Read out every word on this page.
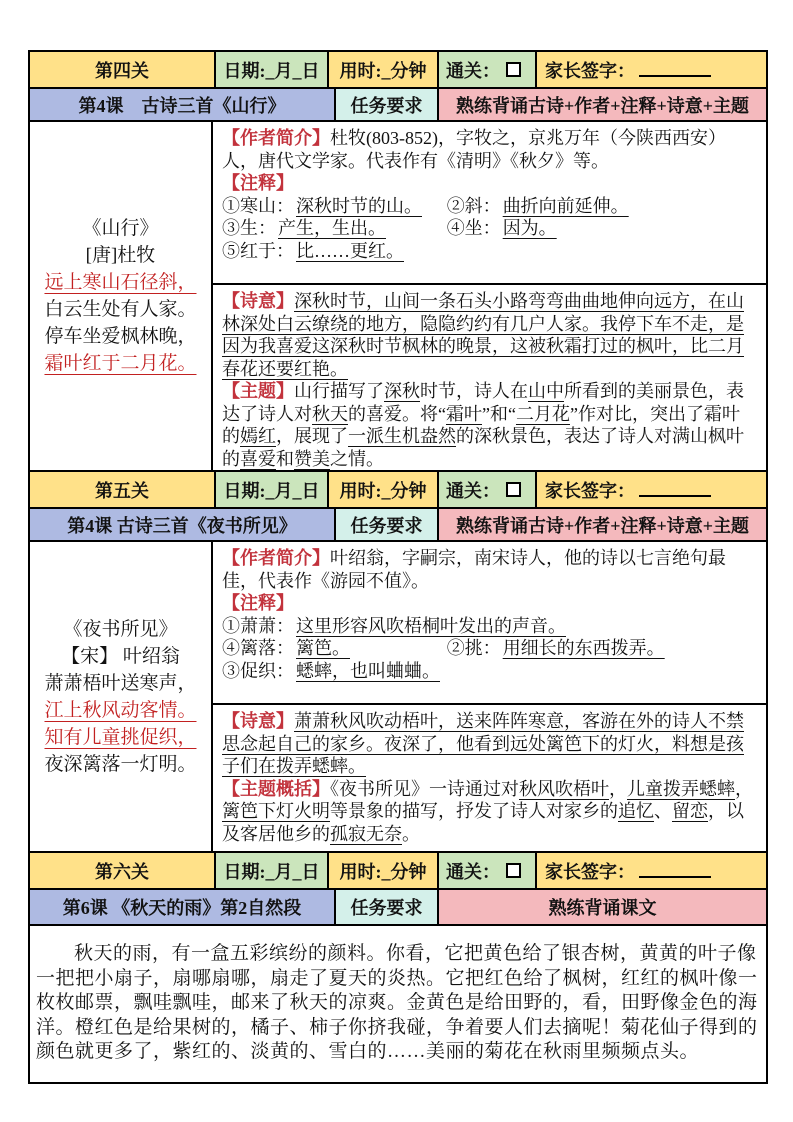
第四关	日期:_月_日	用时:_分钟	通关：	家长签字：
第4课　古诗三首《山行》	任务要求	熟练背诵古诗+作者+注释+诗意+主题
《山行》
[唐]杜牧
远上寒山石径斜，
白云生处有人家。
停车坐爱枫林晚，
霜叶红于二月花。
【作者简介】杜牧(803-852)，字牧之，京兆万年（今陕西西安）人，唐代文学家。代表作有《清明》《秋夕》等。
【注释】
①寒山： 深秋时节的山。	②斜： 曲折向前延伸。
③生： 产生，生出。	④坐： 因为。
⑤红于： 比……更红。
【诗意】深秋时节，山间一条石头小路弯弯曲曲地伸向远方，在山林深处白云缭绕的地方，隐隐约约有几户人家。我停下车不走，是因为我喜爱这深秋时节枫林的晚景，这被秋霜打过的枫叶，比二月春花还要红艳。
【主题】山行描写了深秋时节，诗人在山中所看到的美丽景色，表达了诗人对秋天的喜爱。将“霜叶”和“二月花”作对比，突出了霜叶的嫣红，展现了一派生机盎然的深秋景色，表达了诗人对满山枫叶的喜爱和赞美之情。
第五关	日期:_月_日	用时:_分钟	通关：	家长签字：
第4课 古诗三首《夜书所见》	任务要求	熟练背诵古诗+作者+注释+诗意+主题
《夜书所见》
【宋】 叶绍翁
萧萧梧叶送寒声，
江上秋风动客情。
知有儿童挑促织，
夜深篱落一灯明。
【作者简介】叶绍翁，字嗣宗，南宋诗人，他的诗以七言绝句最佳，代表作《游园不值》。
【注释】
①萧萧： 这里形容风吹梧桐叶发出的声音。
④篱落： 篱笆。	②挑： 用细长的东西拨弄。
③促织： 蟋蟀，也叫蛐蛐。
【诗意】萧萧秋风吹动梧叶，送来阵阵寒意，客游在外的诗人不禁思念起自己的家乡。夜深了，他看到远处篱笆下的灯火，料想是孩子们在拨弄蟋蟀。
【主题概括】《夜书所见》一诗通过对秋风吹梧叶，儿童拨弄蟋蟀，篱笆下灯火明等景象的描写，抒发了诗人对家乡的追忆、留恋，以及客居他乡的孤寂无奈。
第六关	日期:_月_日	用时:_分钟	通关：	家长签字：
第6课 《秋天的雨》第2自然段	任务要求	熟练背诵课文

秋天的雨，有一盒五彩缤纷的颜料。你看，它把黄色给了银杏树，黄黄的叶子像一把把小扇子，扇哪扇哪，扇走了夏天的炎热。它把红色给了枫树，红红的枫叶像一枚枚邮票，飘哇飘哇，邮来了秋天的凉爽。金黄色是给田野的，看，田野像金色的海洋。橙红色是给果树的，橘子、柿子你挤我碰，争着要人们去摘呢！菊花仙子得到的颜色就更多了，紫红的、淡黄的、雪白的……美丽的菊花在秋雨里频频点头。
